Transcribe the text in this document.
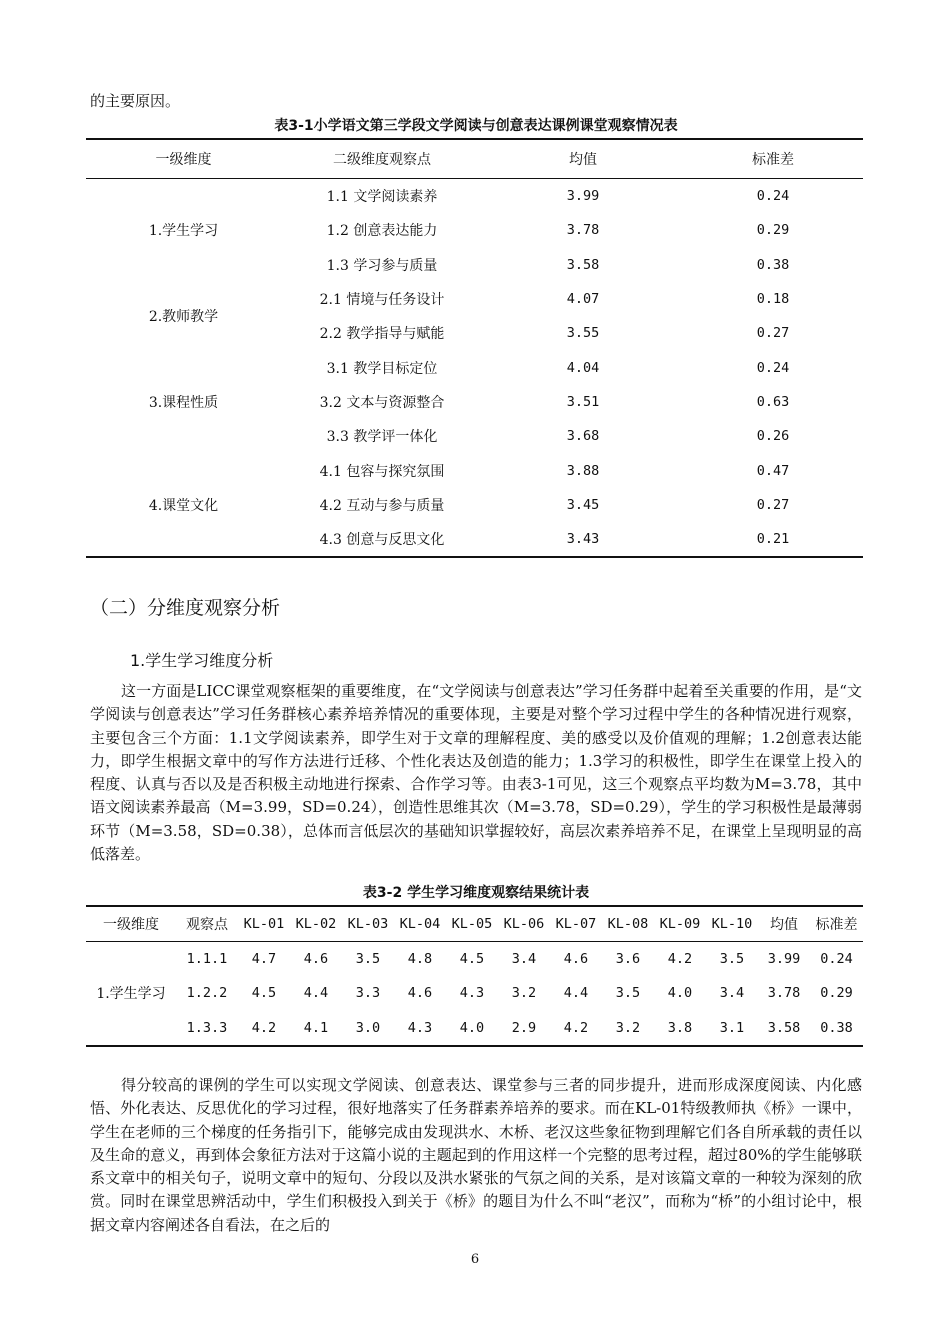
的主要原因。
表3-1小学语文第三学段文学阅读与创意表达课例课堂观察情况表
一级维度	二级维度观察点	均值	标准差
1.学生学习	1.1 文学阅读素养	3.99	0.24
	1.2 创意表达能力	3.78	0.29
	1.3 学习参与质量	3.58	0.38
2.教师教学	2.1 情境与任务设计	4.07	0.18
	2.2 教学指导与赋能	3.55	0.27
3.课程性质	3.1 教学目标定位	4.04	0.24
	3.2 文本与资源整合	3.51	0.63
	3.3 教学评一体化	3.68	0.26
4.课堂文化	4.1 包容与探究氛围	3.88	0.47
	4.2 互动与参与质量	3.45	0.27
	4.3 创意与反思文化	3.43	0.21
（二）分维度观察分析
1.学生学习维度分析
这一方面是LICC课堂观察框架的重要维度，在“文学阅读与创意表达”学习任务群中起着至关重要的作用，是“文学阅读与创意表达”学习任务群核心素养培养情况的重要体现，主要是对整个学习过程中学生的各种情况进行观察，主要包含三个方面：1.1文学阅读素养，即学生对于文章的理解程度、美的感受以及价值观的理解；1.2创意表达能力，即学生根据文章中的写作方法进行迁移、个性化表达及创造的能力；1.3学习的积极性，即学生在课堂上投入的程度、认真与否以及是否积极主动地进行探索、合作学习等。由表3-1可见，这三个观察点平均数为M=3.78，其中语文阅读素养最高（M=3.99，SD=0.24），创造性思维其次（M=3.78，SD=0.29），学生的学习积极性是最薄弱环节（M=3.58，SD=0.38），总体而言低层次的基础知识掌握较好，高层次素养培养不足，在课堂上呈现明显的高低落差。
表3-2 学生学习维度观察结果统计表
一级维度	观察点	KL-01	KL-02	KL-03	KL-04	KL-05	KL-06	KL-07	KL-08	KL-09	KL-10	均值	标准差
1.学生学习	1.1.1	4.7	4.6	3.5	4.8	4.5	3.4	4.6	3.6	4.2	3.5	3.99	0.24
	1.2.2	4.5	4.4	3.3	4.6	4.3	3.2	4.4	3.5	4.0	3.4	3.78	0.29
	1.3.3	4.2	4.1	3.0	4.3	4.0	2.9	4.2	3.2	3.8	3.1	3.58	0.38
得分较高的课例的学生可以实现文学阅读、创意表达、课堂参与三者的同步提升，进而形成深度阅读、内化感悟、外化表达、反思优化的学习过程，很好地落实了任务群素养培养的要求。而在KL-01特级教师执《桥》一课中，学生在老师的三个梯度的任务指引下，能够完成由发现洪水、木桥、老汉这些象征物到理解它们各自所承载的责任以及生命的意义，再到体会象征方法对于这篇小说的主题起到的作用这样一个完整的思考过程，超过80%的学生能够联系文章中的相关句子，说明文章中的短句、分段以及洪水紧张的气氛之间的关系，是对该篇文章的一种较为深刻的欣赏。同时在课堂思辨活动中，学生们积极投入到关于《桥》的题目为什么不叫“老汉”，而称为“桥”的小组讨论中，根据文章内容阐述各自看法，在之后的
6
